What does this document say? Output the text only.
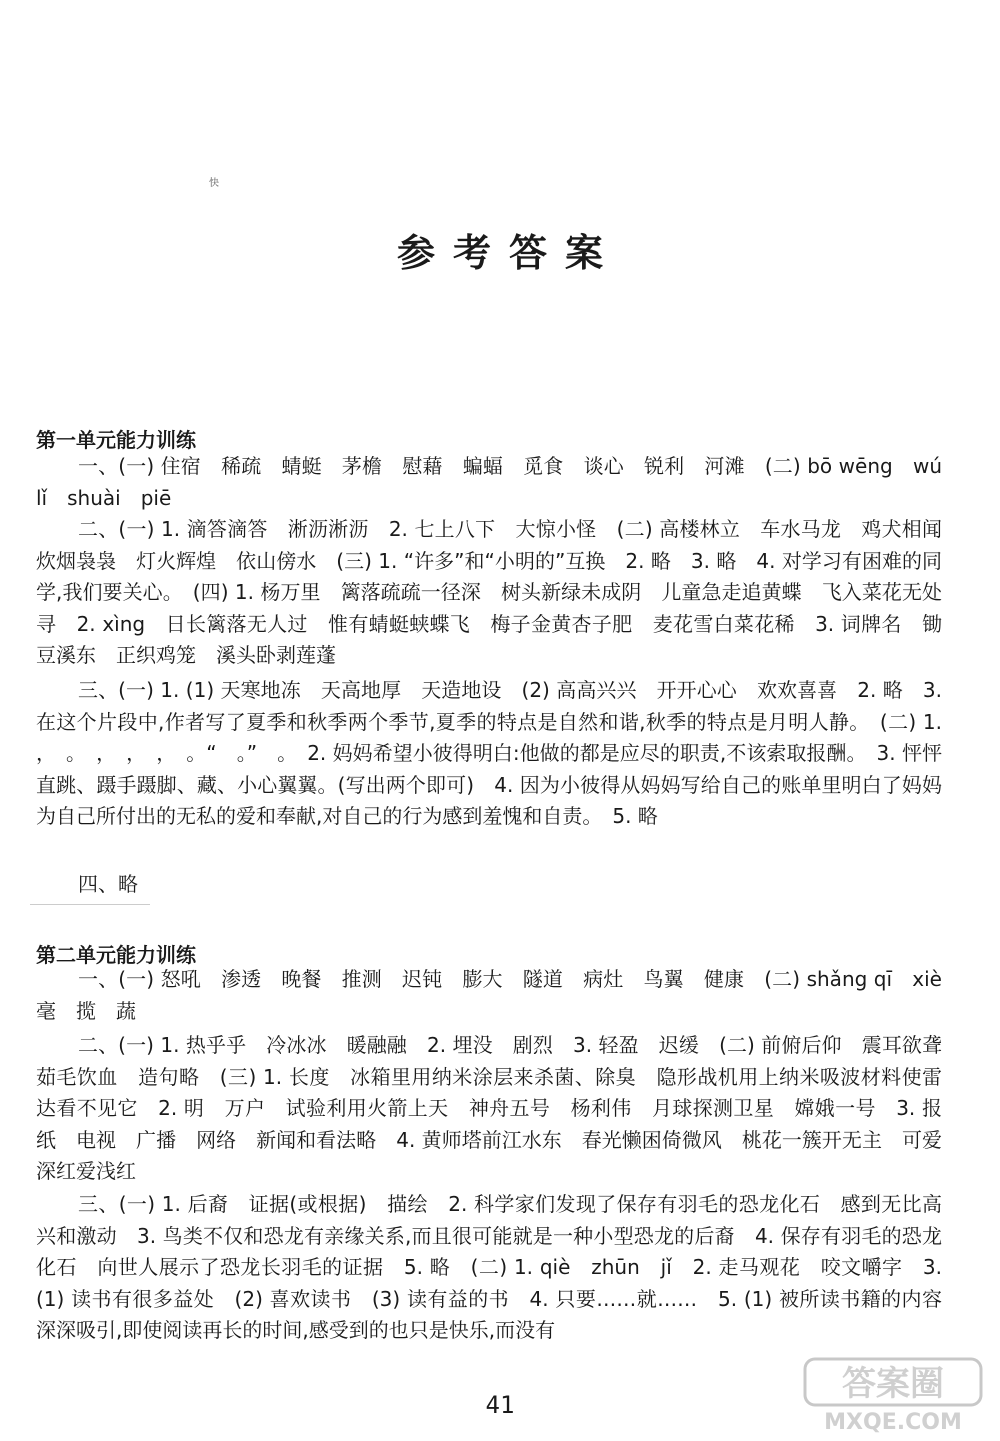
快
参考答案
第一单元能力训练
一、(一) 住宿　稀疏　蜻蜓　茅檐　慰藉　蝙蝠　觅食　谈心　锐利　河滩　(二) bō wēng　wú　lǐ　shuài　piē
二、(一) 1. 滴答滴答　淅沥淅沥　2. 七上八下　大惊小怪　(二) 高楼林立　车水马龙　鸡犬相闻　炊烟袅袅　灯火辉煌　依山傍水　(三) 1. “许多”和“小明的”互换　2. 略　3. 略　4. 对学习有困难的同学,我们要关心。　(四) 1. 杨万里　篱落疏疏一径深　树头新绿未成阴　儿童急走追黄蝶　飞入菜花无处寻　2. xìng　日长篱落无人过　惟有蜻蜓蛱蝶飞　梅子金黄杏子肥　麦花雪白菜花稀　3. 词牌名　锄豆溪东　正织鸡笼　溪头卧剥莲蓬
三、(一) 1. (1) 天寒地冻　天高地厚　天造地设　(2) 高高兴兴　开开心心　欢欢喜喜　2. 略　3. 在这个片段中,作者写了夏季和秋季两个季节,夏季的特点是自然和谐,秋季的特点是月明人静。　(二) 1. ，　。　，　，　，　。“　。”　。　2. 妈妈希望小彼得明白:他做的都是应尽的职责,不该索取报酬。　3. 怦怦直跳、蹑手蹑脚、藏、小心翼翼。(写出两个即可)　4. 因为小彼得从妈妈写给自己的账单里明白了妈妈为自己所付出的无私的爱和奉献,对自己的行为感到羞愧和自责。　5. 略
四、略
第二单元能力训练
一、(一) 怒吼　渗透　晚餐　推测　迟钝　膨大　隧道　病灶　鸟翼　健康　(二) shǎng qī　xiè　毫　揽　蔬
二、(一) 1. 热乎乎　冷冰冰　暖融融　2. 埋没　剧烈　3. 轻盈　迟缓　(二) 前俯后仰　震耳欲聋　茹毛饮血　造句略　(三) 1. 长度　冰箱里用纳米涂层来杀菌、除臭　隐形战机用上纳米吸波材料使雷达看不见它　2. 明　万户　试验利用火箭上天　神舟五号　杨利伟　月球探测卫星　嫦娥一号　3. 报纸　电视　广播　网络　新闻和看法略　4. 黄师塔前江水东　春光懒困倚微风　桃花一簇开无主　可爱深红爱浅红
三、(一) 1. 后裔　证据(或根据)　描绘　2. 科学家们发现了保存有羽毛的恐龙化石　感到无比高兴和激动　3. 鸟类不仅和恐龙有亲缘关系,而且很可能就是一种小型恐龙的后裔　4. 保存有羽毛的恐龙化石　向世人展示了恐龙长羽毛的证据　5. 略　(二) 1. qiè　zhūn　jǐ　2. 走马观花　咬文嚼字　3. (1) 读书有很多益处　(2) 喜欢读书　(3) 读有益的书　4. 只要……就……　5. (1) 被所读书籍的内容深深吸引,即使阅读再长的时间,感受到的也只是快乐,而没有
41
答案圈
MXQE.COM
